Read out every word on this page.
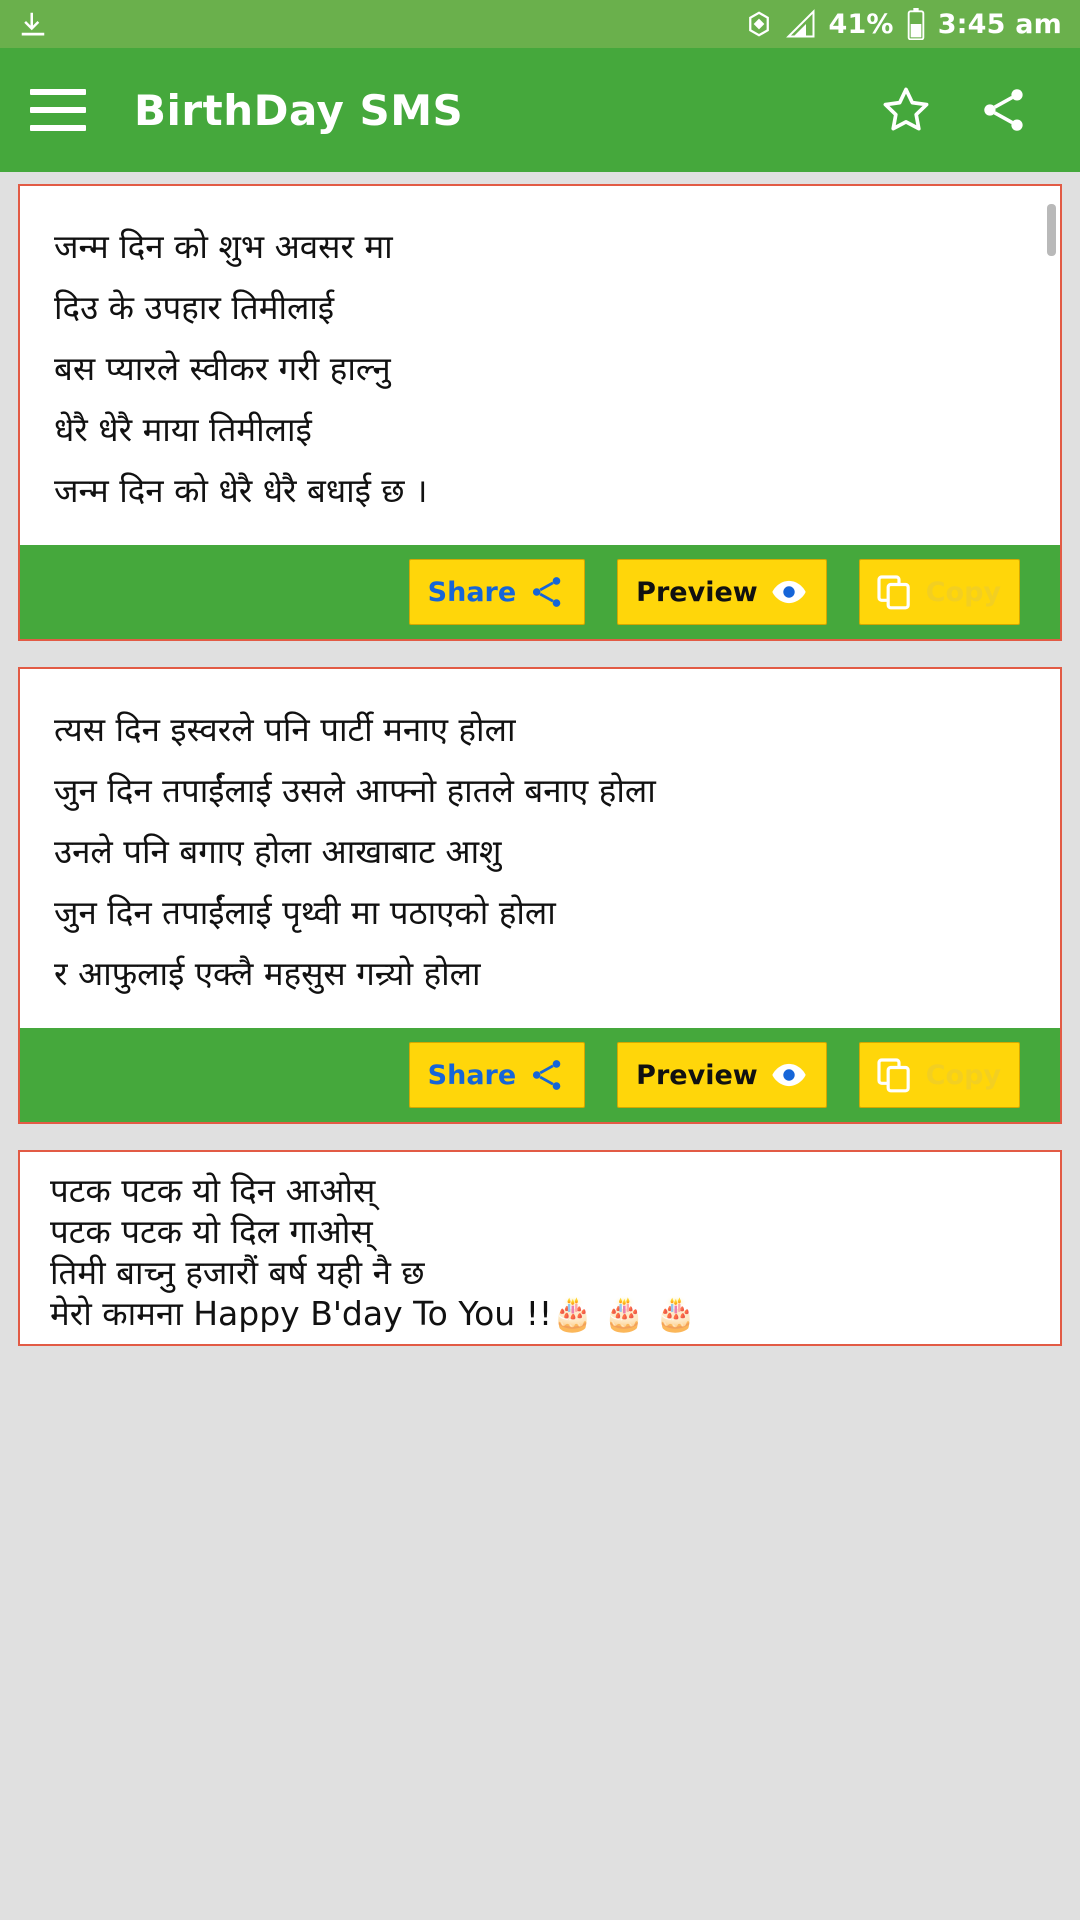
41% 3:45 am
BirthDay SMS
जन्म दिन को शुभ अवसर मा
दिउ के उपहार तिमीलाई
बस प्यारले स्वीकर गरी हाल्नु
धेरै धेरै माया तिमीलाई
जन्म दिन को धेरै धेरै बधाई छ ।
Share	Preview	Copy
त्यस दिन इस्वरले पनि पार्टी मनाए होला
जुन दिन तपाईंलाई उसले आफ्नो हातले बनाए होला
उनले पनि बगाए होला आखाबाट आशु
जुन दिन तपाईंलाई पृथ्वी मा पठाएको होला
र आफुलाई एक्लै महसुस गन्र्यो होला
Share	Preview	Copy
पटक पटक यो दिन आओस्
पटक पटक यो दिल गाओस्
तिमी बाच्नु हजारौं बर्ष यही नै छ
मेरो कामना Happy B'day To You !!🎂 🎂 🎂
